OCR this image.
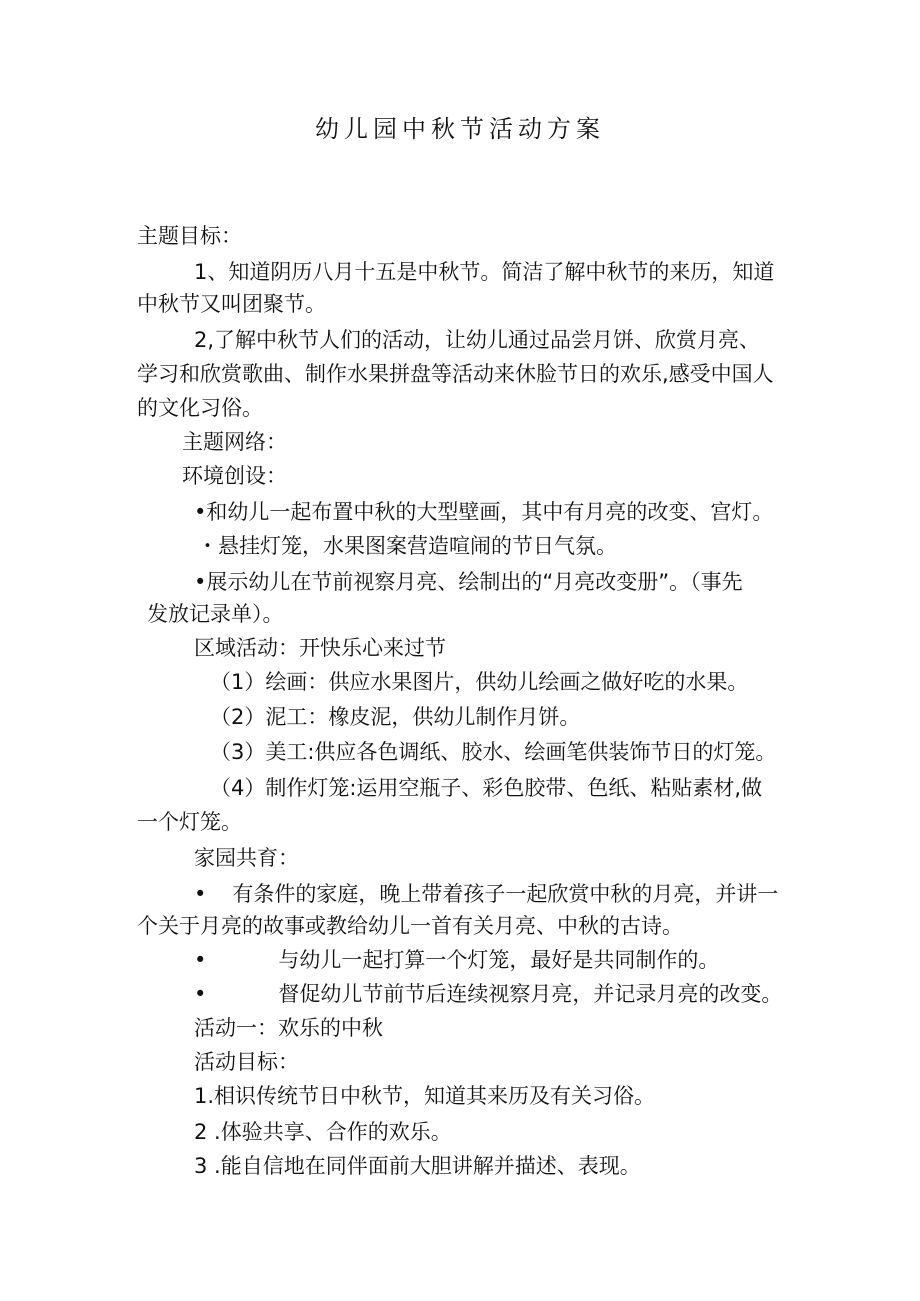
幼儿园中秋节活动方案
主题目标：
1、知道阴历八月十五是中秋节。简洁了解中秋节的来历，知道
中秋节又叫团聚节。
2,了解中秋节人们的活动，让幼儿通过品尝月饼、欣赏月亮、
学习和欣赏歌曲、制作水果拼盘等活动来休脸节日的欢乐,感受中国人
的文化习俗。
主题网络：
环境创设：
•和幼儿一起布置中秋的大型壁画，其中有月亮的改变、宫灯。
・悬挂灯笼，水果图案营造喧闹的节日气氛。
•展示幼儿在节前视察月亮、绘制出的“月亮改变册”。（事先
发放记录单）。
区域活动：开快乐心来过节
（1）绘画：供应水果图片，供幼儿绘画之做好吃的水果。
（2）泥工：橡皮泥，供幼儿制作月饼。
（3）美工:供应各色调纸、胶水、绘画笔供装饰节日的灯笼。
（4）制作灯笼:运用空瓶子、彩色胶带、色纸、粘贴素材,做
一个灯笼。
家园共育：
• 有条件的家庭，晚上带着孩子一起欣赏中秋的月亮，并讲一
个关于月亮的故事或教给幼儿一首有关月亮、中秋的古诗。
•	与幼儿一起打算一个灯笼，最好是共同制作的。
•	督促幼儿节前节后连续视察月亮，并记录月亮的改变。
活动一：欢乐的中秋
活动目标：
1.相识传统节日中秋节，知道其来历及有关习俗。
2 .体验共享、合作的欢乐。
3 .能自信地在同伴面前大胆讲解并描述、表现。
